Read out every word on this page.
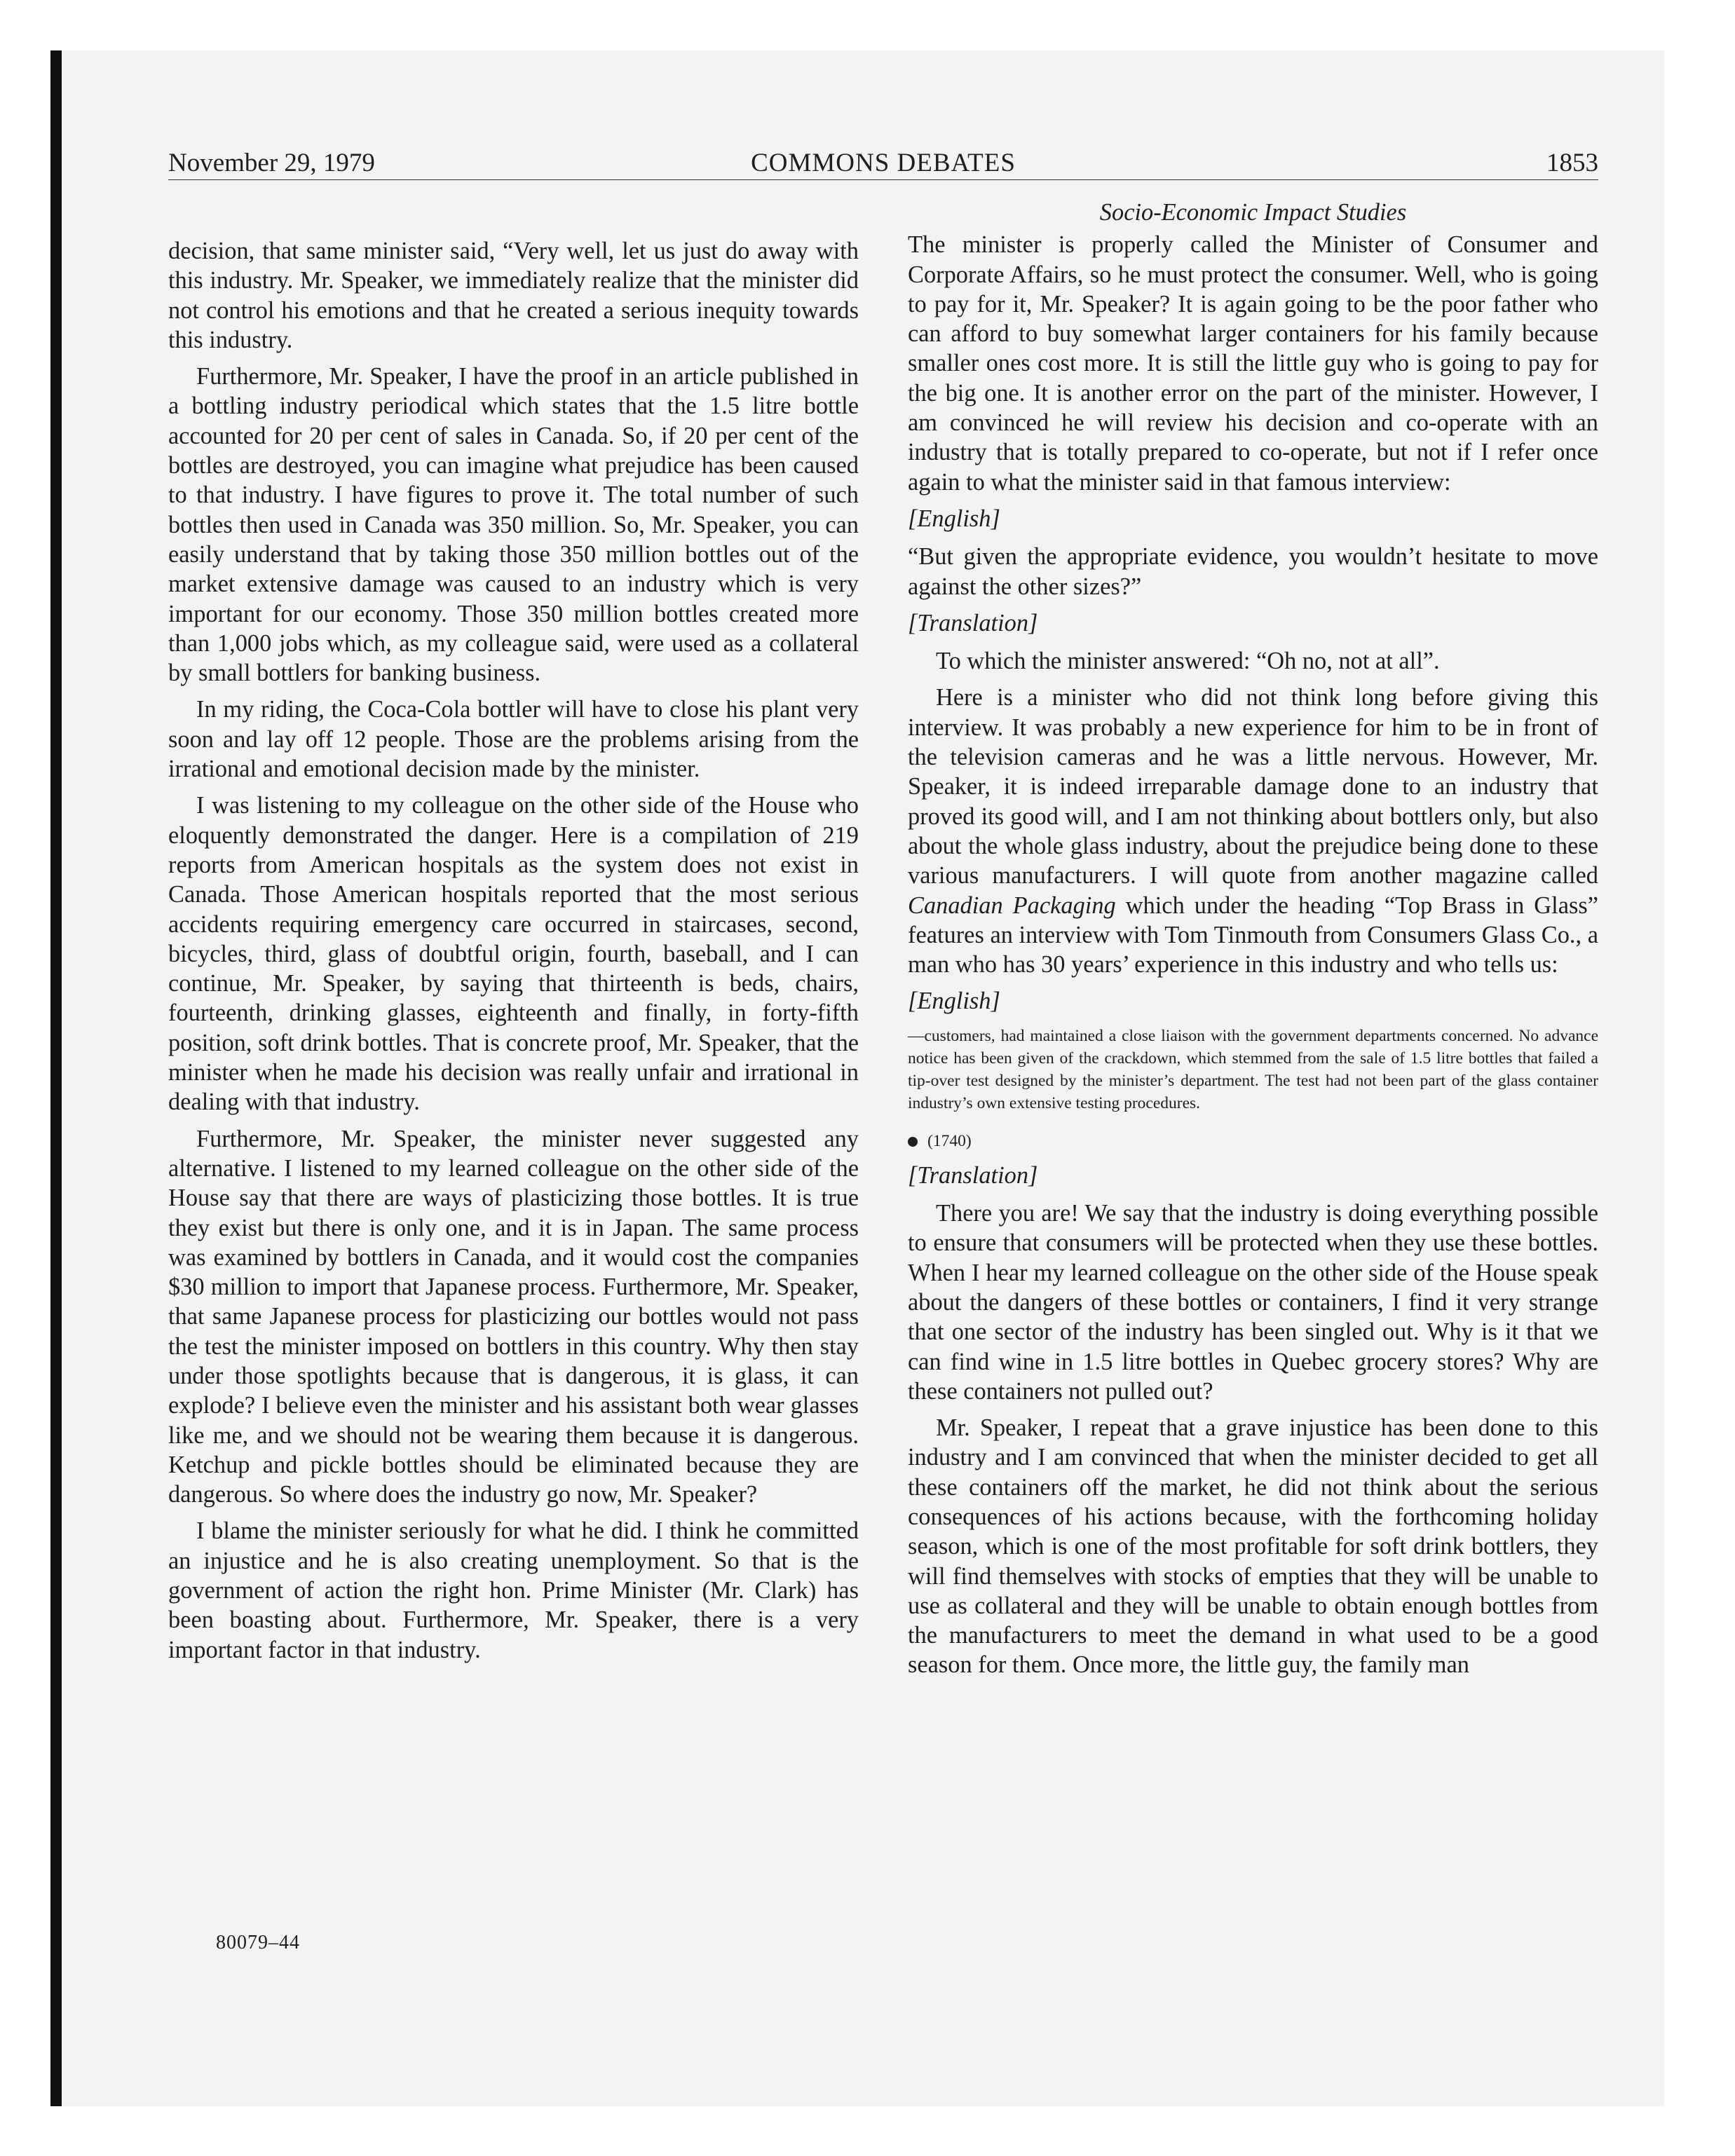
November 29, 1979	COMMONS DEBATES	1853

decision, that same minister said, “Very well, let us just do away with this industry. Mr. Speaker, we immediately realize that the minister did not control his emotions and that he created a serious inequity towards this industry.

Furthermore, Mr. Speaker, I have the proof in an article published in a bottling industry periodical which states that the 1.5 litre bottle accounted for 20 per cent of sales in Canada. So, if 20 per cent of the bottles are destroyed, you can imagine what prejudice has been caused to that industry. I have figures to prove it. The total number of such bottles then used in Canada was 350 million. So, Mr. Speaker, you can easily understand that by taking those 350 million bottles out of the market extensive damage was caused to an industry which is very important for our economy. Those 350 million bottles created more than 1,000 jobs which, as my colleague said, were used as a collateral by small bottlers for banking business.

In my riding, the Coca-Cola bottler will have to close his plant very soon and lay off 12 people. Those are the problems arising from the irrational and emotional decision made by the minister.

I was listening to my colleague on the other side of the House who eloquently demonstrated the danger. Here is a compilation of 219 reports from American hospitals as the system does not exist in Canada. Those American hospitals reported that the most serious accidents requiring emergency care occurred in staircases, second, bicycles, third, glass of doubtful origin, fourth, baseball, and I can continue, Mr. Speaker, by saying that thirteenth is beds, chairs, fourteenth, drinking glasses, eighteenth and finally, in forty-fifth position, soft drink bottles. That is concrete proof, Mr. Speaker, that the minister when he made his decision was really unfair and irrational in dealing with that industry.

Furthermore, Mr. Speaker, the minister never suggested any alternative. I listened to my learned colleague on the other side of the House say that there are ways of plasticizing those bottles. It is true they exist but there is only one, and it is in Japan. The same process was examined by bottlers in Canada, and it would cost the companies $30 million to import that Japanese process. Furthermore, Mr. Speaker, that same Japanese process for plasticizing our bottles would not pass the test the minister imposed on bottlers in this country. Why then stay under those spotlights because that is dangerous, it is glass, it can explode? I believe even the minister and his assistant both wear glasses like me, and we should not be wearing them because it is dangerous. Ketchup and pickle bottles should be eliminated because they are dangerous. So where does the industry go now, Mr. Speaker?

I blame the minister seriously for what he did. I think he committed an injustice and he is also creating unemployment. So that is the government of action the right hon. Prime Minister (Mr. Clark) has been boasting about. Furthermore, Mr. Speaker, there is a very important factor in that industry.

Socio-Economic Impact Studies

The minister is properly called the Minister of Consumer and Corporate Affairs, so he must protect the consumer. Well, who is going to pay for it, Mr. Speaker? It is again going to be the poor father who can afford to buy somewhat larger containers for his family because smaller ones cost more. It is still the little guy who is going to pay for the big one. It is another error on the part of the minister. However, I am convinced he will review his decision and co-operate with an industry that is totally prepared to co-operate, but not if I refer once again to what the minister said in that famous interview:

[English]

“But given the appropriate evidence, you wouldn’t hesitate to move against the other sizes?”

[Translation]

To which the minister answered: “Oh no, not at all”.

Here is a minister who did not think long before giving this interview. It was probably a new experience for him to be in front of the television cameras and he was a little nervous. However, Mr. Speaker, it is indeed irreparable damage done to an industry that proved its good will, and I am not thinking about bottlers only, but also about the whole glass industry, about the prejudice being done to these various manufacturers. I will quote from another magazine called Canadian Packaging which under the heading “Top Brass in Glass” features an interview with Tom Tinmouth from Consumers Glass Co., a man who has 30 years’ experience in this industry and who tells us:

[English]

—customers, had maintained a close liaison with the government departments concerned. No advance notice has been given of the crackdown, which stemmed from the sale of 1.5 litre bottles that failed a tip-over test designed by the minister’s department. The test had not been part of the glass container industry’s own extensive testing procedures.

(1740)

[Translation]

There you are! We say that the industry is doing everything possible to ensure that consumers will be protected when they use these bottles. When I hear my learned colleague on the other side of the House speak about the dangers of these bottles or containers, I find it very strange that one sector of the industry has been singled out. Why is it that we can find wine in 1.5 litre bottles in Quebec grocery stores? Why are these containers not pulled out?

Mr. Speaker, I repeat that a grave injustice has been done to this industry and I am convinced that when the minister decided to get all these containers off the market, he did not think about the serious consequences of his actions because, with the forthcoming holiday season, which is one of the most profitable for soft drink bottlers, they will find themselves with stocks of empties that they will be unable to use as collateral and they will be unable to obtain enough bottles from the manufacturers to meet the demand in what used to be a good season for them. Once more, the little guy, the family man

80079–44
